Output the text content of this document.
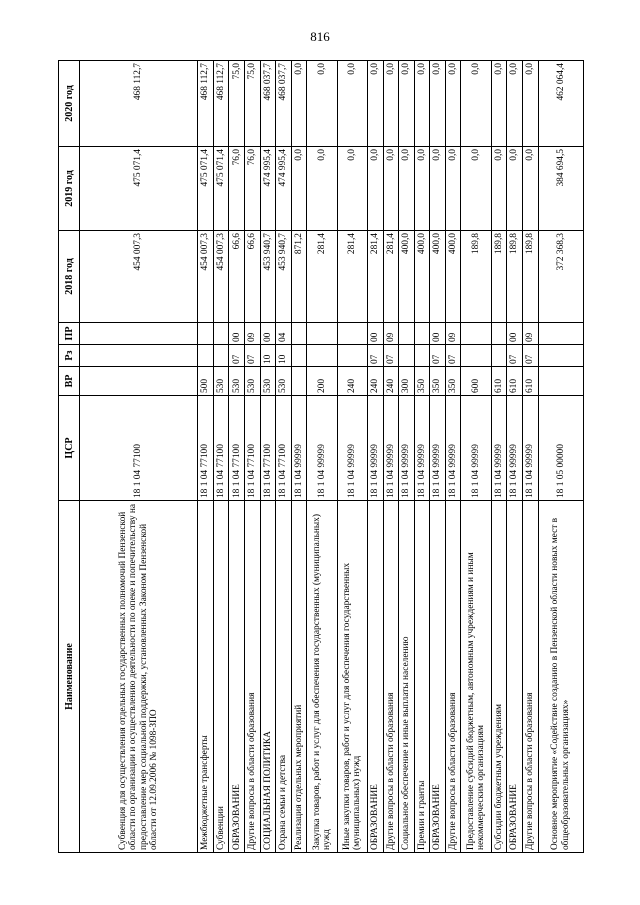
816
Наименование	ЦСР	ВР	Рз	ПР	2018 год	2019 год	2020 год
Субвенция для осуществления отдельных государственных полномочий Пензенской области по организации и осуществлению деятельности по опеке и попечительству на предоставление мер социальной поддержки, установленных Законом Пензенской области от 12.09.2006 № 1098-ЗПО	18 1 04 77100				454 007,3	475 071,4	468 112,7
Межбюджетные трансферты	18 1 04 77100	500			454 007,3	475 071,4	468 112,7
Субвенции	18 1 04 77100	530			454 007,3	475 071,4	468 112,7
ОБРАЗОВАНИЕ	18 1 04 77100	530	07	00	66,6	76,0	75,0
Другие вопросы в области образования	18 1 04 77100	530	07	09	66,6	76,0	75,0
СОЦИАЛЬНАЯ ПОЛИТИКА	18 1 04 77100	530	10	00	453 940,7	474 995,4	468 037,7
Охрана семьи и детства	18 1 04 77100	530	10	04	453 940,7	474 995,4	468 037,7
Реализация отдельных мероприятий	18 1 04 99999				871,2	0,0	0,0
Закупка товаров, работ и услуг для обеспечения государственных (муниципальных) нужд	18 1 04 99999	200			281,4	0,0	0,0
Иные закупки товаров, работ и услуг для обеспечения государственных (муниципальных) нужд	18 1 04 99999	240			281,4	0,0	0,0
ОБРАЗОВАНИЕ	18 1 04 99999	240	07	00	281,4	0,0	0,0
Другие вопросы в области образования	18 1 04 99999	240	07	09	281,4	0,0	0,0
Социальное обеспечение и иные выплаты населению	18 1 04 99999	300			400,0	0,0	0,0
Премии и гранты	18 1 04 99999	350			400,0	0,0	0,0
ОБРАЗОВАНИЕ	18 1 04 99999	350	07	00	400,0	0,0	0,0
Другие вопросы в области образования	18 1 04 99999	350	07	09	400,0	0,0	0,0
Предоставление субсидий бюджетным, автономным учреждениям и иным некоммерческим организациям	18 1 04 99999	600			189,8	0,0	0,0
Субсидии бюджетным учреждениям	18 1 04 99999	610			189,8	0,0	0,0
ОБРАЗОВАНИЕ	18 1 04 99999	610	07	00	189,8	0,0	0,0
Другие вопросы в области образования	18 1 04 99999	610	07	09	189,8	0,0	0,0
Основное мероприятие «Содействие созданию в Пензенской области новых мест в общеобразовательных организациях»	18 1 05 00000				372 368,3	384 694,5	462 064,4
